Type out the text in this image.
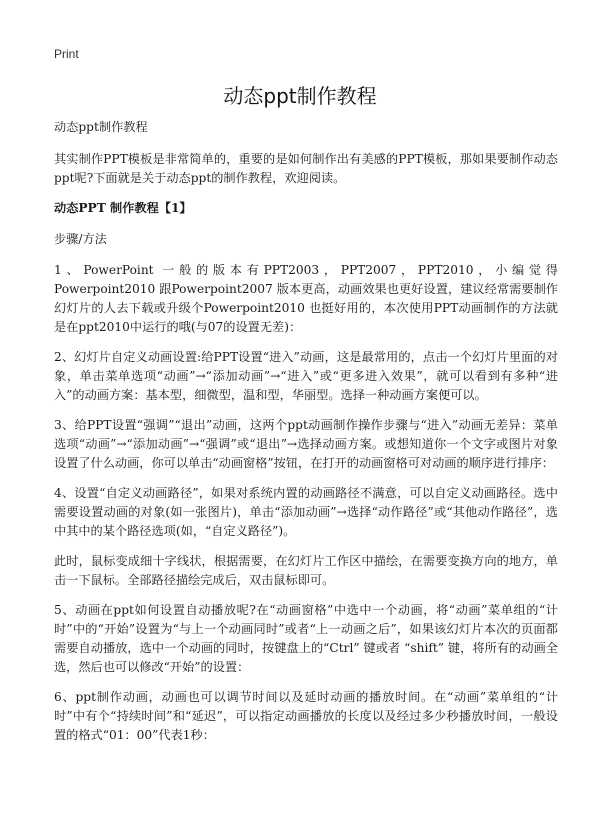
Print
动态ppt制作教程

动态ppt制作教程

其实制作PPT模板是非常简单的，重要的是如何制作出有美感的PPT模板，那如果要制作动态ppt呢?下面就是关于动态ppt的制作教程，欢迎阅读。

动态PPT 制作教程【1】

步骤/方法

1、PowerPoint 一般的版本有PPT2003，PPT2007，PPT2010，小编觉得Powerpoint2010 跟Powerpoint2007 版本更高，动画效果也更好设置，建议经常需要制作幻灯片的人去下载或升级个Powerpoint2010 也挺好用的，本次使用PPT动画制作的方法就是在ppt2010中运行的哦(与07的设置无差)：

2、幻灯片自定义动画设置:给PPT设置“进入”动画，这是最常用的，点击一个幻灯片里面的对象，单击菜单选项“动画”→“添加动画”→“进入”或“更多进入效果”，就可以看到有多种“进入”的动画方案：基本型，细微型，温和型，华丽型。选择一种动画方案便可以。

3、给PPT设置“强调”“退出”动画，这两个ppt动画制作操作步骤与“进入”动画无差异：菜单选项“动画”→“添加动画”→“强调”或“退出”→选择动画方案。或想知道你一个文字或图片对象设置了什么动画，你可以单击“动画窗格”按钮，在打开的动画窗格可对动画的顺序进行排序：

4、设置“自定义动画路径”，如果对系统内置的动画路径不满意，可以自定义动画路径。选中需要设置动画的对象(如一张图片)，单击“添加动画”→选择“动作路径”或“其他动作路径”，选中其中的某个路径选项(如，“自定义路径”)。

此时，鼠标变成细十字线状，根据需要，在幻灯片工作区中描绘，在需要变换方向的地方，单击一下鼠标。全部路径描绘完成后，双击鼠标即可。

5、动画在ppt如何设置自动播放呢?在“动画窗格”中选中一个动画，将“动画”菜单组的“计时”中的“开始”设置为“与上一个动画同时”或者“上一动画之后”，如果该幻灯片本次的页面都需要自动播放，选中一个动画的同时，按键盘上的“Ctrl” 键或者 “shift” 键，将所有的动画全选，然后也可以修改“开始”的设置：

6、ppt制作动画，动画也可以调节时间以及延时动画的播放时间。在“动画”菜单组的“计时”中有个“持续时间”和“延迟”，可以指定动画播放的长度以及经过多少秒播放时间，一般设置的格式“01：00”代表1秒：
